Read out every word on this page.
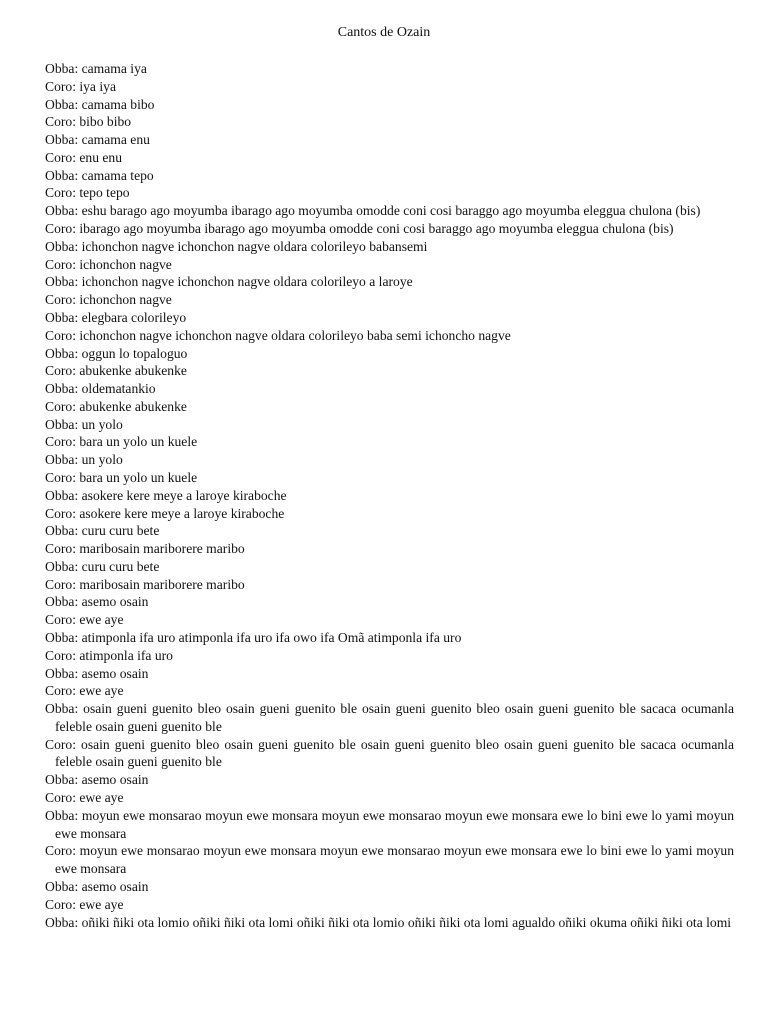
Cantos de Ozain
Obba: camama iya
Coro: iya iya
Obba: camama bibo
Coro: bibo bibo
Obba: camama enu
Coro: enu enu
Obba: camama tepo
Coro: tepo tepo
Obba: eshu barago ago moyumba ibarago ago moyumba omodde coni cosi baraggo ago moyumba eleggua chulona (bis)
Coro: ibarago ago moyumba ibarago ago moyumba omodde coni cosi baraggo ago moyumba eleggua chulona (bis)
Obba: ichonchon nagve ichonchon nagve oldara colorileyo babansemi
Coro: ichonchon nagve
Obba: ichonchon nagve ichonchon nagve oldara colorileyo a laroye
Coro: ichonchon nagve
Obba: elegbara colorileyo
Coro: ichonchon nagve ichonchon nagve oldara colorileyo baba semi ichoncho nagve
Obba: oggun lo topaloguo
Coro: abukenke abukenke
Obba: oldematankio
Coro: abukenke abukenke
Obba: un yolo
Coro: bara un yolo un kuele
Obba: un yolo
Coro: bara un yolo un kuele
Obba: asokere kere meye a laroye kiraboche
Coro: asokere kere meye a laroye kiraboche
Obba: curu curu bete
Coro: maribosain mariborere maribo
Obba: curu curu bete
Coro: maribosain mariborere maribo
Obba: asemo osain
Coro: ewe aye
Obba: atimponla ifa uro atimponla ifa uro ifa owo ifa Omã atimponla ifa uro
Coro: atimponla ifa uro
Obba: asemo osain
Coro: ewe aye
Obba: osain gueni guenito bleo osain gueni guenito ble osain gueni guenito bleo osain gueni guenito ble sacaca ocumanla feleble osain gueni guenito ble
Coro: osain gueni guenito bleo osain gueni guenito ble osain gueni guenito bleo osain gueni guenito ble sacaca ocumanla feleble osain gueni guenito ble
Obba: asemo osain
Coro: ewe aye
Obba: moyun ewe monsarao moyun ewe monsara moyun ewe monsarao moyun ewe monsara ewe lo bini ewe lo yami moyun ewe monsara
Coro: moyun ewe monsarao moyun ewe monsara moyun ewe monsarao moyun ewe monsara ewe lo bini ewe lo yami moyun ewe monsara
Obba: asemo osain
Coro: ewe aye
Obba: oñiki ñiki ota lomio oñiki ñiki ota lomi oñiki ñiki ota lomio oñiki ñiki ota lomi agualdo oñiki okuma oñiki ñiki ota lomi
